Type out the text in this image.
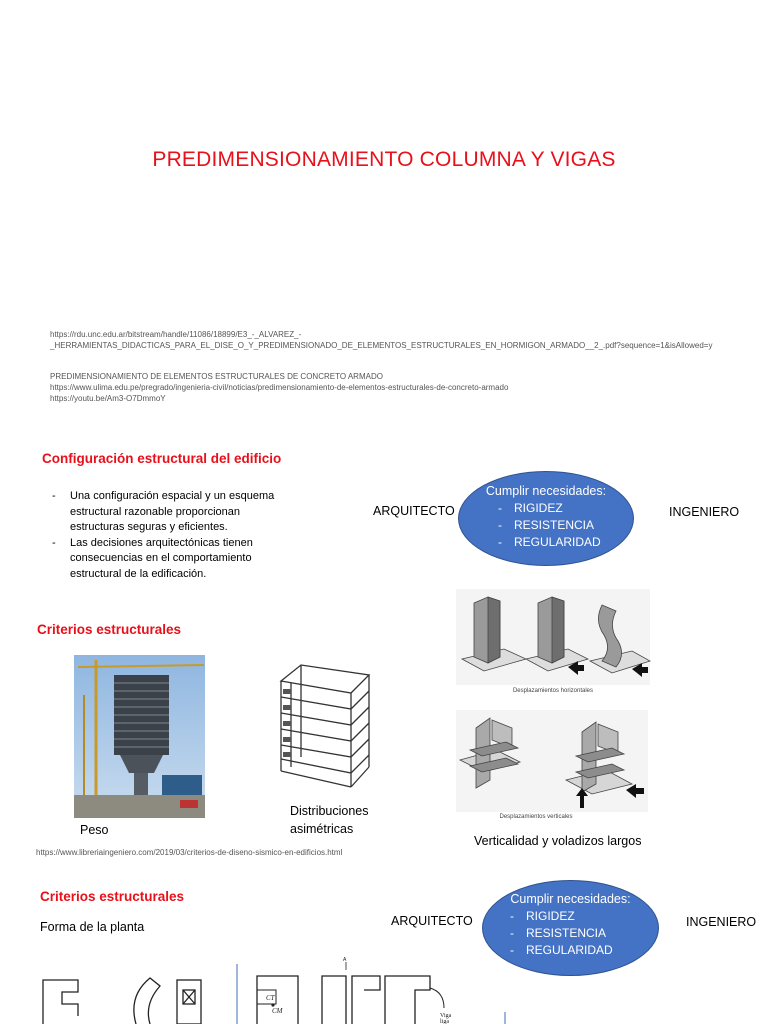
PREDIMENSIONAMIENTO COLUMNA Y VIGAS
https://rdu.unc.edu.ar/bitstream/handle/11086/18899/E3_-_ALVAREZ_-
_HERRAMIENTAS_DIDACTICAS_PARA_EL_DISE_O_Y_PREDIMENSIONADO_DE_ELEMENTOS_ESTRUCTURALES_EN_HORMIGON_ARMADO__2_.pdf?sequence=1&isAllowed=y
PREDIMENSIONAMIENTO DE ELEMENTOS ESTRUCTURALES DE CONCRETO ARMADO
https://www.ulima.edu.pe/pregrado/ingenieria-civil/noticias/predimensionamiento-de-elementos-estructurales-de-concreto-armado
https://youtu.be/Am3-O7DmmoY
Configuración estructural del edificio

- Una configuración espacial y un esquema estructural razonable proporcionan estructuras seguras y eficientes.

- Las decisiones arquitectónicas tienen consecuencias en el comportamiento estructural de la edificación.

ARQUITECTO	INGENIERO
Cumplir necesidades:
- RIGIDEZ
- RESISTENCIA
- REGULARIDAD
Criterios estructurales
Peso
Distribuciones
asimétricas
Desplazamientos horizontales
Desplazamientos verticales
Verticalidad y voladizos largos
https://www.libreriaingeniero.com/2019/03/criterios-de-diseno-sismico-en-edificios.html
Criterios estructurales
Forma de la planta	ARQUITECTO	INGENIERO
Cumplir necesidades:
- RIGIDEZ
- RESISTENCIA
- REGULARIDAD
CT
CM
A
Viga
liga
